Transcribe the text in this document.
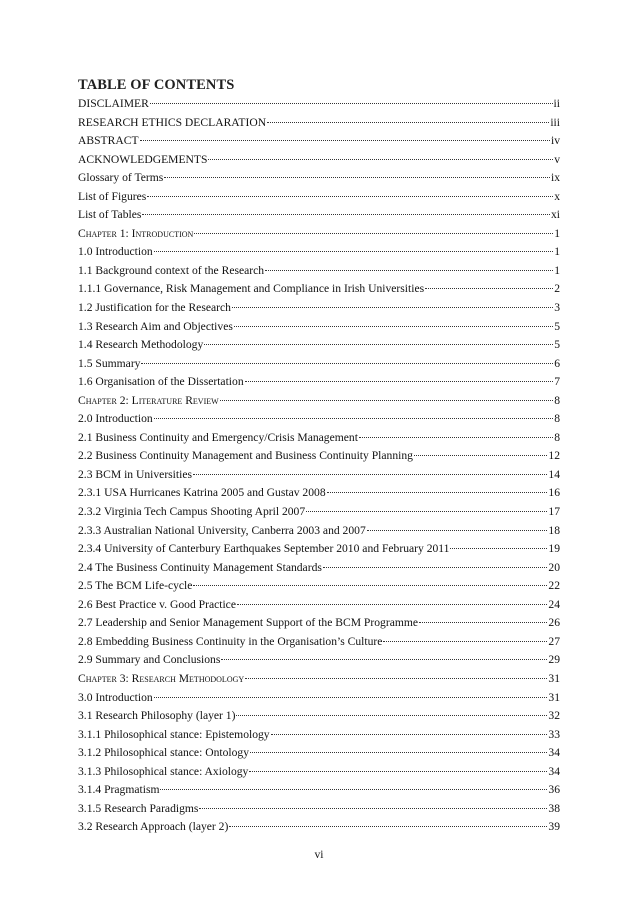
TABLE OF CONTENTS
DISCLAIMER	ii
RESEARCH ETHICS DECLARATION	iii
ABSTRACT	iv
ACKNOWLEDGEMENTS	v
Glossary of Terms	ix
List of Figures	x
List of Tables	xi
Chapter 1: Introduction	1
1.0 Introduction	1
1.1 Background context of the Research	1
1.1.1 Governance, Risk Management and Compliance in Irish Universities	2
1.2 Justification for the Research	3
1.3 Research Aim and Objectives	5
1.4 Research Methodology	5
1.5 Summary	6
1.6 Organisation of the Dissertation	7
Chapter 2: Literature Review	8
2.0 Introduction	8
2.1 Business Continuity and Emergency/Crisis Management	8
2.2 Business Continuity Management and Business Continuity Planning	12
2.3 BCM in Universities	14
2.3.1 USA Hurricanes Katrina 2005 and Gustav 2008	16
2.3.2 Virginia Tech Campus Shooting April 2007	17
2.3.3 Australian National University, Canberra 2003 and 2007	18
2.3.4 University of Canterbury Earthquakes September 2010 and February 2011	19
2.4 The Business Continuity Management Standards	20
2.5 The BCM Life-cycle	22
2.6 Best Practice v. Good Practice	24
2.7 Leadership and Senior Management Support of the BCM Programme	26
2.8 Embedding Business Continuity in the Organisation’s Culture	27
2.9 Summary and Conclusions	29
Chapter 3: Research Methodology	31
3.0 Introduction	31
3.1 Research Philosophy (layer 1)	32
3.1.1 Philosophical stance: Epistemology	33
3.1.2 Philosophical stance: Ontology	34
3.1.3 Philosophical stance: Axiology	34
3.1.4 Pragmatism	36
3.1.5 Research Paradigms	38
3.2 Research Approach (layer 2)	39
vi
